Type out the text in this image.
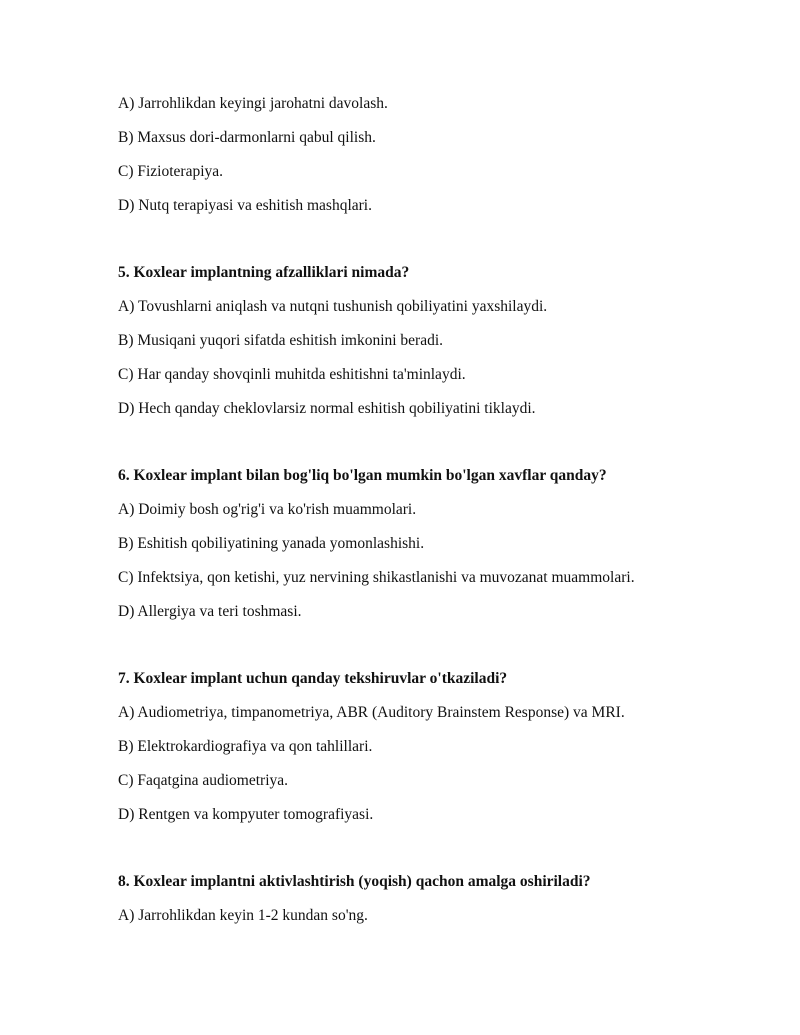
A) Jarrohlikdan keyingi jarohatni davolash.
B) Maxsus dori-darmonlarni qabul qilish.
C) Fizioterapiya.
D) Nutq terapiyasi va eshitish mashqlari.
5. Koxlear implantning afzalliklari nimada?
A) Tovushlarni aniqlash va nutqni tushunish qobiliyatini yaxshilaydi.
B) Musiqani yuqori sifatda eshitish imkonini beradi.
C) Har qanday shovqinli muhitda eshitishni ta'minlaydi.
D) Hech qanday cheklovlarsiz normal eshitish qobiliyatini tiklaydi.
6. Koxlear implant bilan bog'liq bo'lgan mumkin bo'lgan xavflar qanday?
A) Doimiy bosh og'rig'i va ko'rish muammolari.
B) Eshitish qobiliyatining yanada yomonlashishi.
C) Infektsiya, qon ketishi, yuz nervining shikastlanishi va muvozanat muammolari.
D) Allergiya va teri toshmasi.
7. Koxlear implant uchun qanday tekshiruvlar o'tkaziladi?
A) Audiometriya, timpanometriya, ABR (Auditory Brainstem Response) va MRI.
B) Elektrokardiografiya va qon tahlillari.
C) Faqatgina audiometriya.
D) Rentgen va kompyuter tomografiyasi.
8. Koxlear implantni aktivlashtirish (yoqish) qachon amalga oshiriladi?
A) Jarrohlikdan keyin 1-2 kundan so'ng.
